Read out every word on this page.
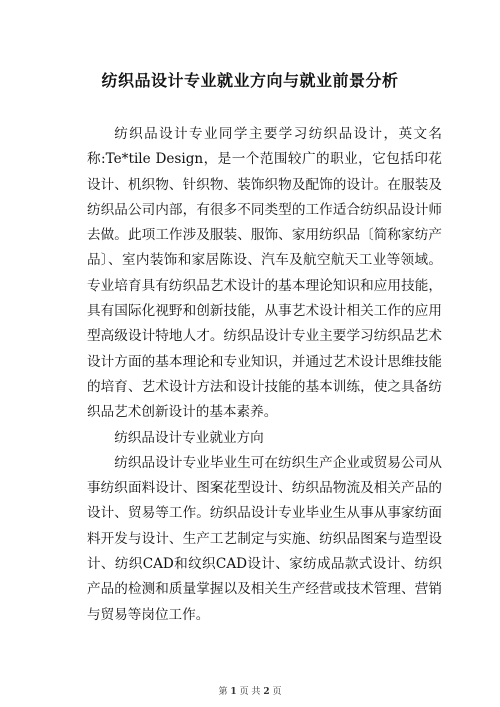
纺织品设计专业就业方向与就业前景分析

纺织品设计专业同学主要学习纺织品设计，英文名称:Te*tile Design，是一个范围较广的职业，它包括印花设计、机织物、针织物、装饰织物及配饰的设计。在服装及纺织品公司内部，有很多不同类型的工作适合纺织品设计师去做。此项工作涉及服装、服饰、家用纺织品〔简称家纺产品〕、室内装饰和家居陈设、汽车及航空航天工业等领域。专业培育具有纺织品艺术设计的基本理论知识和应用技能，具有国际化视野和创新技能，从事艺术设计相关工作的应用型高级设计特地人才。纺织品设计专业主要学习纺织品艺术设计方面的基本理论和专业知识，并通过艺术设计思维技能的培育、艺术设计方法和设计技能的基本训练，使之具备纺织品艺术创新设计的基本素养。

纺织品设计专业就业方向

纺织品设计专业毕业生可在纺织生产企业或贸易公司从事纺织面料设计、图案花型设计、纺织品物流及相关产品的设计、贸易等工作。纺织品设计专业毕业生从事从事家纺面料开发与设计、生产工艺制定与实施、纺织品图案与造型设计、纺织CAD和纹织CAD设计、家纺成品款式设计、纺织产品的检测和质量掌握以及相关生产经营或技术管理、营销与贸易等岗位工作。

第 1 页 共 2 页
